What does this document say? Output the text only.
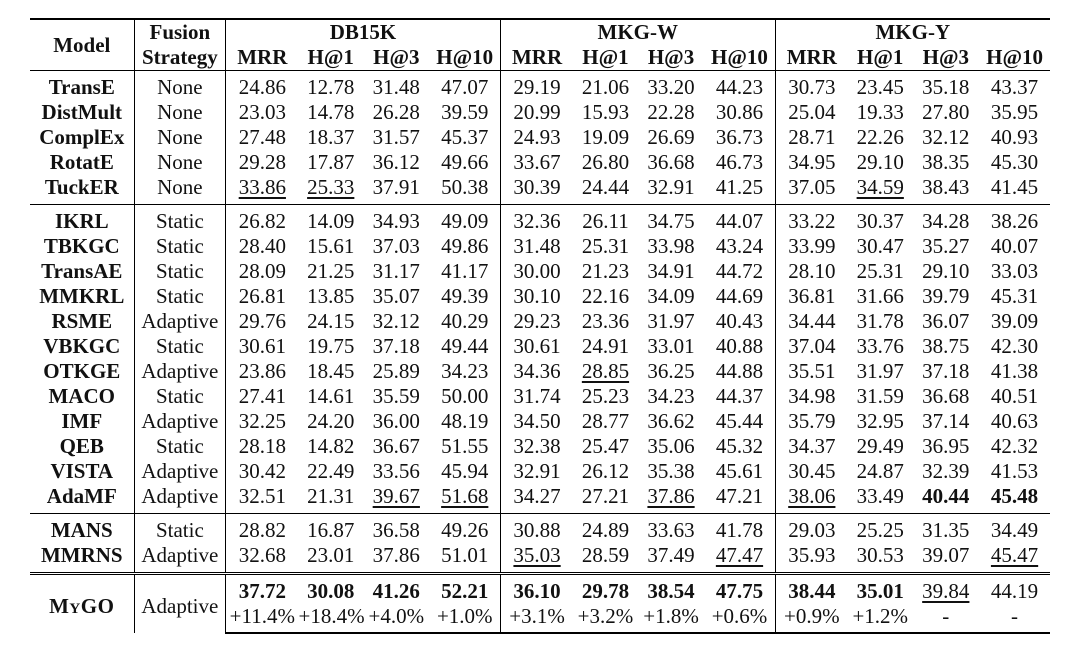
Model	Fusion	DB15K				MKG-W				MKG-Y			
	Strategy	MRR	H@1	H@3	H@10	MRR	H@1	H@3	H@10	MRR	H@1	H@3	H@10
TransE	None	24.86	12.78	31.48	47.07	29.19	21.06	33.20	44.23	30.73	23.45	35.18	43.37
DistMult	None	23.03	14.78	26.28	39.59	20.99	15.93	22.28	30.86	25.04	19.33	27.80	35.95
ComplEx	None	27.48	18.37	31.57	45.37	24.93	19.09	26.69	36.73	28.71	22.26	32.12	40.93
RotatE	None	29.28	17.87	36.12	49.66	33.67	26.80	36.68	46.73	34.95	29.10	38.35	45.30
TuckER	None	33.86	25.33	37.91	50.38	30.39	24.44	32.91	41.25	37.05	34.59	38.43	41.45
IKRL	Static	26.82	14.09	34.93	49.09	32.36	26.11	34.75	44.07	33.22	30.37	34.28	38.26
TBKGC	Static	28.40	15.61	37.03	49.86	31.48	25.31	33.98	43.24	33.99	30.47	35.27	40.07
TransAE	Static	28.09	21.25	31.17	41.17	30.00	21.23	34.91	44.72	28.10	25.31	29.10	33.03
MMKRL	Static	26.81	13.85	35.07	49.39	30.10	22.16	34.09	44.69	36.81	31.66	39.79	45.31
RSME	Adaptive	29.76	24.15	32.12	40.29	29.23	23.36	31.97	40.43	34.44	31.78	36.07	39.09
VBKGC	Static	30.61	19.75	37.18	49.44	30.61	24.91	33.01	40.88	37.04	33.76	38.75	42.30
OTKGE	Adaptive	23.86	18.45	25.89	34.23	34.36	28.85	36.25	44.88	35.51	31.97	37.18	41.38
MACO	Static	27.41	14.61	35.59	50.00	31.74	25.23	34.23	44.37	34.98	31.59	36.68	40.51
IMF	Adaptive	32.25	24.20	36.00	48.19	34.50	28.77	36.62	45.44	35.79	32.95	37.14	40.63
QEB	Static	28.18	14.82	36.67	51.55	32.38	25.47	35.06	45.32	34.37	29.49	36.95	42.32
VISTA	Adaptive	30.42	22.49	33.56	45.94	32.91	26.12	35.38	45.61	30.45	24.87	32.39	41.53
AdaMF	Adaptive	32.51	21.31	39.67	51.68	34.27	27.21	37.86	47.21	38.06	33.49	40.44	45.48
MANS	Static	28.82	16.87	36.58	49.26	30.88	24.89	33.63	41.78	29.03	25.25	31.35	34.49
MMRNS	Adaptive	32.68	23.01	37.86	51.01	35.03	28.59	37.49	47.47	35.93	30.53	39.07	45.47
MyGO	Adaptive	37.72	30.08	41.26	52.21	36.10	29.78	38.54	47.75	38.44	35.01	39.84	44.19
		+11.4%	+18.4%	+4.0%	+1.0%	+3.1%	+3.2%	+1.8%	+0.6%	+0.9%	+1.2%	-	-
